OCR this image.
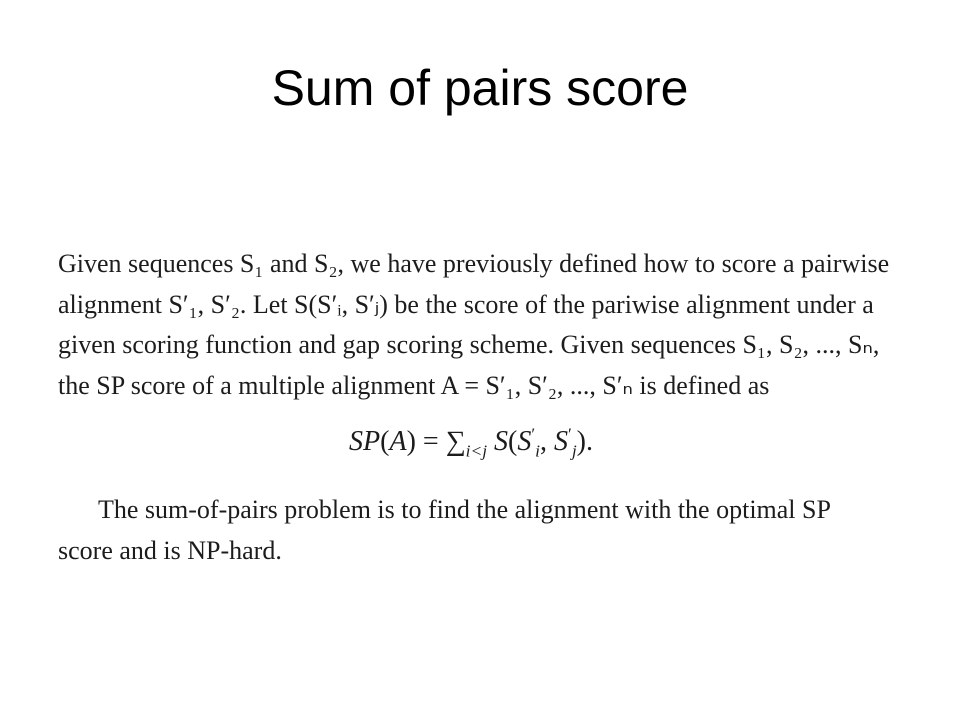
Sum of pairs score

Given sequences S₁ and S₂, we have previously defined how to score a pairwise
alignment S′₁, S′₂. Let S(S′ᵢ, S′ⱼ) be the score of the pariwise alignment under a
given scoring function and gap scoring scheme. Given sequences S₁, S₂, ..., Sₙ,
the SP score of a multiple alignment A = S′₁, S′₂, ..., S′ₙ is defined as

$SP(A) = \sum_{i<j}$ $S(S'_i$, $S'_j$).

The sum-of-pairs problem is to find the alignment with the optimal SP
score and is NP-hard.
